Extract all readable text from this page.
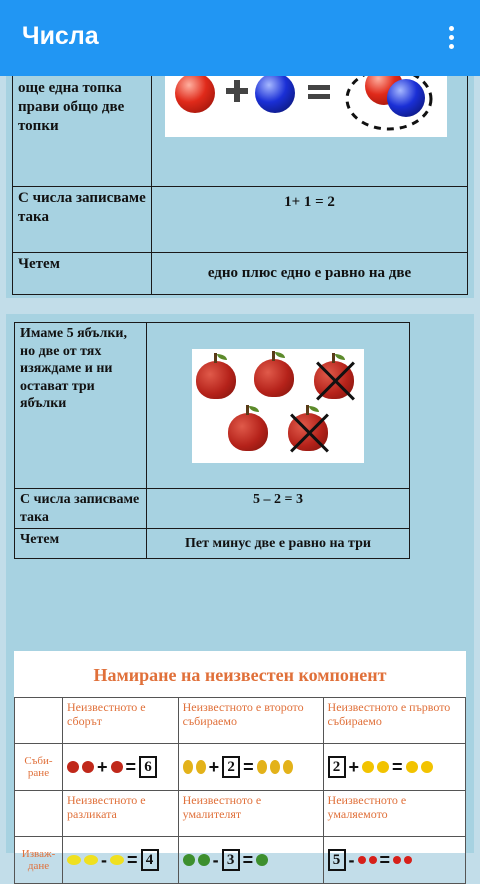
Числа
още една топка прави общо две топки	

С числа записваме така	1+ 1 = 2
Четем	едно плюс едно е равно на две
Имаме 5 ябълки, но две от тях изяждаме и ни остават три ябълки	

С числа записваме така	5 – 2 = 3
Четем	Пет минус две е равно на три
Намиране на неизвестен компонент
	Неизвестното е сборът	Неизвестното е второто събираемо	Неизвестното е първото събираемо
Съби-
ране	+ = 6	+ 2 =	2 + =

	Неизвестното е разликата	Неизвестното е умалителят	Неизвестното е умаляемото
Изваж-
дане	- = 4	- 3 =	5 - =
